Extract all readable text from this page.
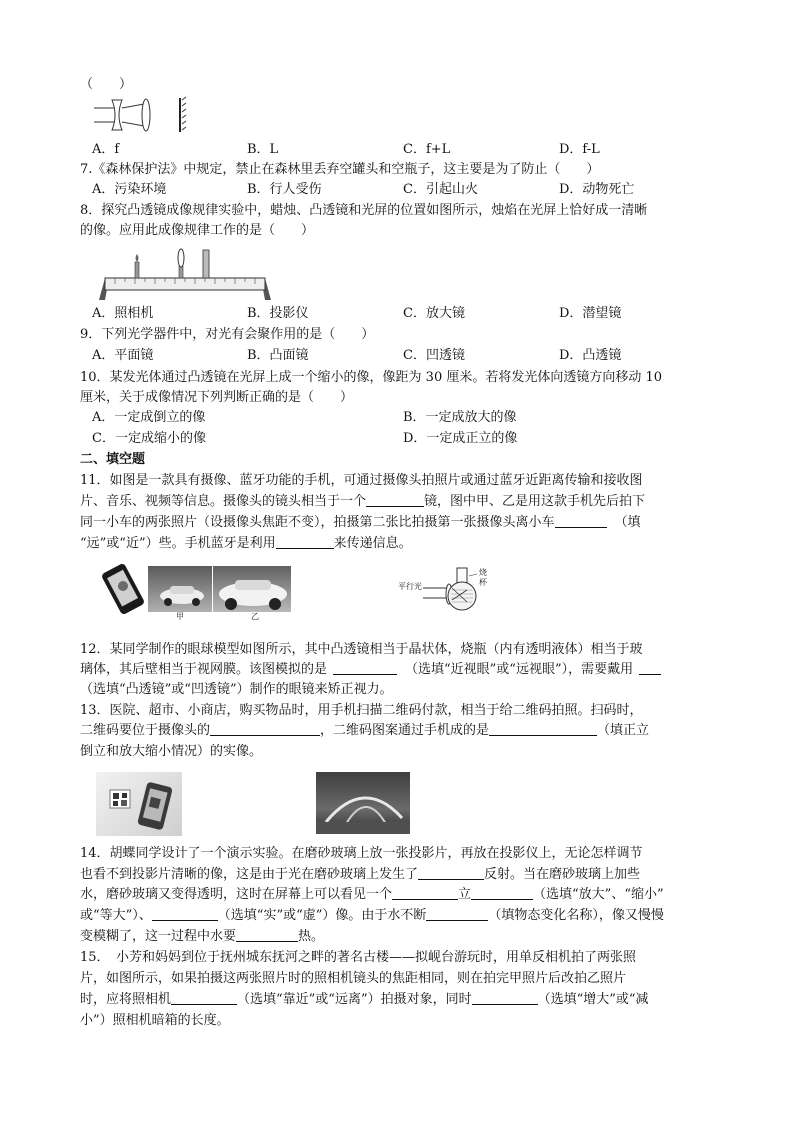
（　　）
A．f	B．L	C．f+L	D．f-L
7.《森林保护法》中规定，禁止在森林里丢弃空罐头和空瓶子，这主要是为了防止（　　）
A．污染环境	B．行人受伤	C．引起山火	D．动物死亡
8．探究凸透镜成像规律实验中，蜡烛、凸透镜和光屏的位置如图所示，烛焰在光屏上恰好成一清晰
的像。应用此成像规律工作的是（　　）
A．照相机	B．投影仪	C．放大镜	D．潜望镜
9．下列光学器件中，对光有会聚作用的是（　　）
A．平面镜	B．凸面镜	C．凹透镜	D．凸透镜
10．某发光体通过凸透镜在光屏上成一个缩小的像，像距为 30 厘米。若将发光体向透镜方向移动 10
厘米，关于成像情况下列判断正确的是（　　）
A．一定成倒立的像	B．一定成放大的像
C．一定成缩小的像	D．一定成正立的像
二、填空题
11．如图是一款具有摄像、蓝牙功能的手机，可通过摄像头拍照片或通过蓝牙近距离传输和接收图
片、音乐、视频等信息。摄像头的镜头相当于一个	镜，图中甲、乙是用这款手机先后拍下
同一小车的两张照片（设摄像头焦距不变），拍摄第二张比拍摄第一张摄像头离小车	（填
“远”或“近”）些。手机蓝牙是利用	来传递信息。
甲	乙
平行光
烧
杯
12．某同学制作的眼球模型如图所示，其中凸透镜相当于晶状体，烧瓶（内有透明液体）相当于玻
璃体，其后壁相当于视网膜。该图模拟的是	（选填“近视眼”或“远视眼”），需要戴用
（选填“凸透镜”或“凹透镜”）制作的眼镜来矫正视力。
13．医院、超市、小商店，购买物品时，用手机扫描二维码付款，相当于给二维码拍照。扫码时，
二维码要位于摄像头的	，二维码图案通过手机成的是	（填正立
倒立和放大缩小情况）的实像。
14．胡蝶同学设计了一个演示实验。在磨砂玻璃上放一张投影片，再放在投影仪上，无论怎样调节
也看不到投影片清晰的像，这是由于光在磨砂玻璃上发生了	反射。当在磨砂玻璃上加些
水，磨砂玻璃又变得透明，这时在屏幕上可以看见一个	立	（选填“放大”、“缩小”
或“等大”）、	（选填“实”或“虚”）像。由于水不断	（填物态变化名称），像又慢慢
变模糊了，这一过程中水要	热。
15．　小芳和妈妈到位于抚州城东抚河之畔的著名古楼——拟岘台游玩时，用单反相机拍了两张照
片，如图所示，如果拍摄这两张照片时的照相机镜头的焦距相同，则在拍完甲照片后改拍乙照片
时，应将照相机	（选填“靠近”或“远离”）拍摄对象，同时	（选填“增大”或“减
小”）照相机暗箱的长度。
